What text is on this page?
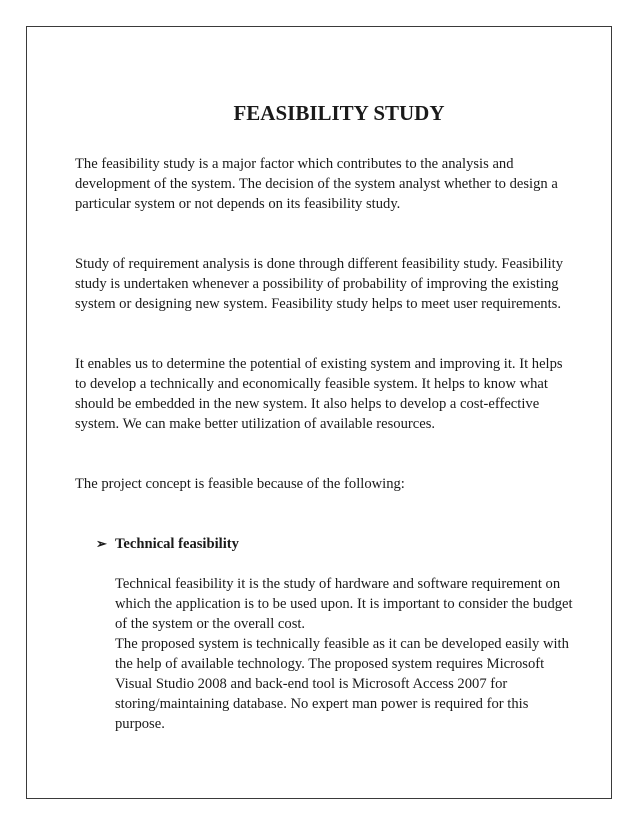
FEASIBILITY STUDY

The feasibility study is a major factor which contributes to the analysis and development of the system. The decision of the system analyst whether to design a particular system or not depends on its feasibility study.

Study of requirement analysis is done through different feasibility study. Feasibility study is undertaken whenever a possibility of probability of improving the existing system or designing new system. Feasibility study helps to meet user requirements.

It enables us to determine the potential of existing system and improving it. It helps to develop a technically and economically feasible system. It helps to know what should be embedded in the new system. It also helps to develop a cost-effective system. We can make better utilization of available resources.

The project concept is feasible because of the following:

➢ Technical feasibility

Technical feasibility it is the study of hardware and software requirement on which the application is to be used upon. It is important to consider the budget of the system or the overall cost.

The proposed system is technically feasible as it can be developed easily with the help of available technology. The proposed system requires Microsoft Visual Studio 2008 and back-end tool is Microsoft Access 2007 for storing/maintaining database. No expert man power is required for this purpose.
